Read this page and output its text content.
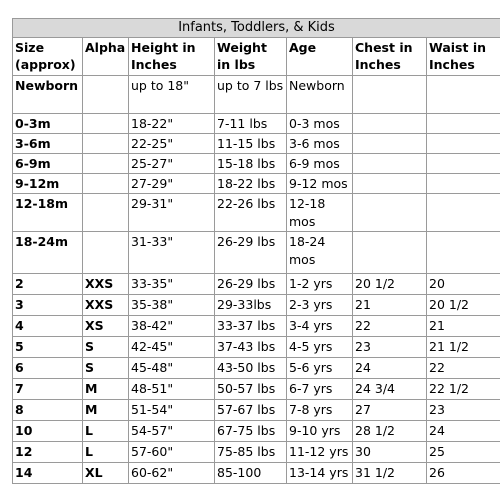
Infants, Toddlers, & Kids						
Size (approx)	Alpha	Height in Inches	Weight in lbs	Age	Chest in Inches	Waist in Inches
Newborn		up to 18"	up to 7 lbs	Newborn		
0-3m		18-22"	7-11 lbs	0-3 mos		
3-6m		22-25"	11-15 lbs	3-6 mos		
6-9m		25-27"	15-18 lbs	6-9 mos		
9-12m		27-29"	18-22 lbs	9-12 mos		
12-18m		29-31"	22-26 lbs	12-18 mos		
18-24m		31-33"	26-29 lbs	18-24 mos		
2	XXS	33-35"	26-29 lbs	1-2 yrs	20 1/2	20
3	XXS	35-38"	29-33lbs	2-3 yrs	21	20 1/2
4	XS	38-42"	33-37 lbs	3-4 yrs	22	21
5	S	42-45"	37-43 lbs	4-5 yrs	23	21 1/2
6	S	45-48"	43-50 lbs	5-6 yrs	24	22
7	M	48-51"	50-57 lbs	6-7 yrs	24 3/4	22 1/2
8	M	51-54"	57-67 lbs	7-8 yrs	27	23
10	L	54-57"	67-75 lbs	9-10 yrs	28 1/2	24
12	L	57-60"	75-85 lbs	11-12 yrs	30	25
14	XL	60-62"	85-100	13-14 yrs	31 1/2	26
